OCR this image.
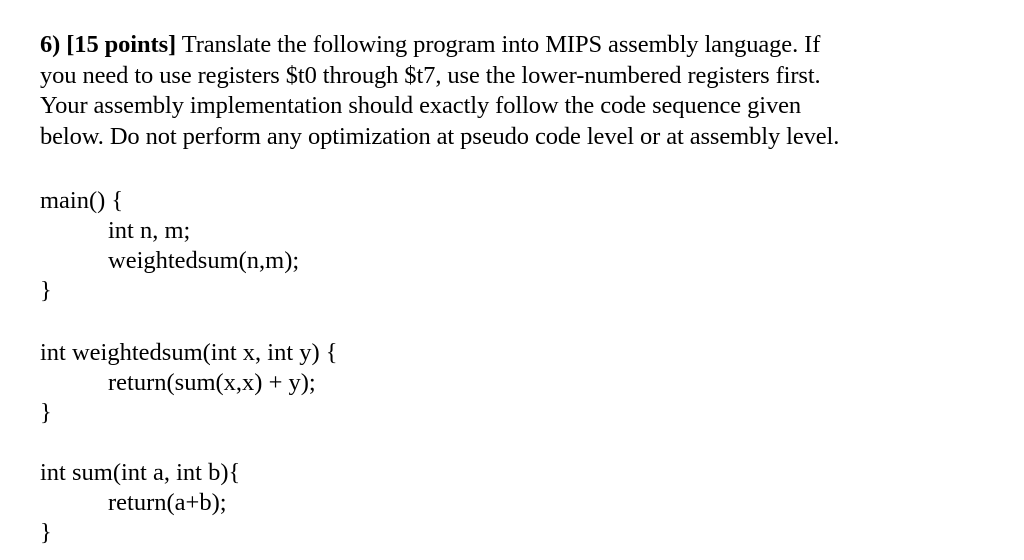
6) [15 points] Translate the following program into MIPS assembly language. If
you need to use registers $t0 through $t7, use the lower-numbered registers first.
Your assembly implementation should exactly follow the code sequence given
below. Do not perform any optimization at pseudo code level or at assembly level.

main() {
int n, m;
weightedsum(n,m);
}
int weightedsum(int x, int y) {
return(sum(x,x) + y);
}
int sum(int a, int b){
return(a+b);
}
